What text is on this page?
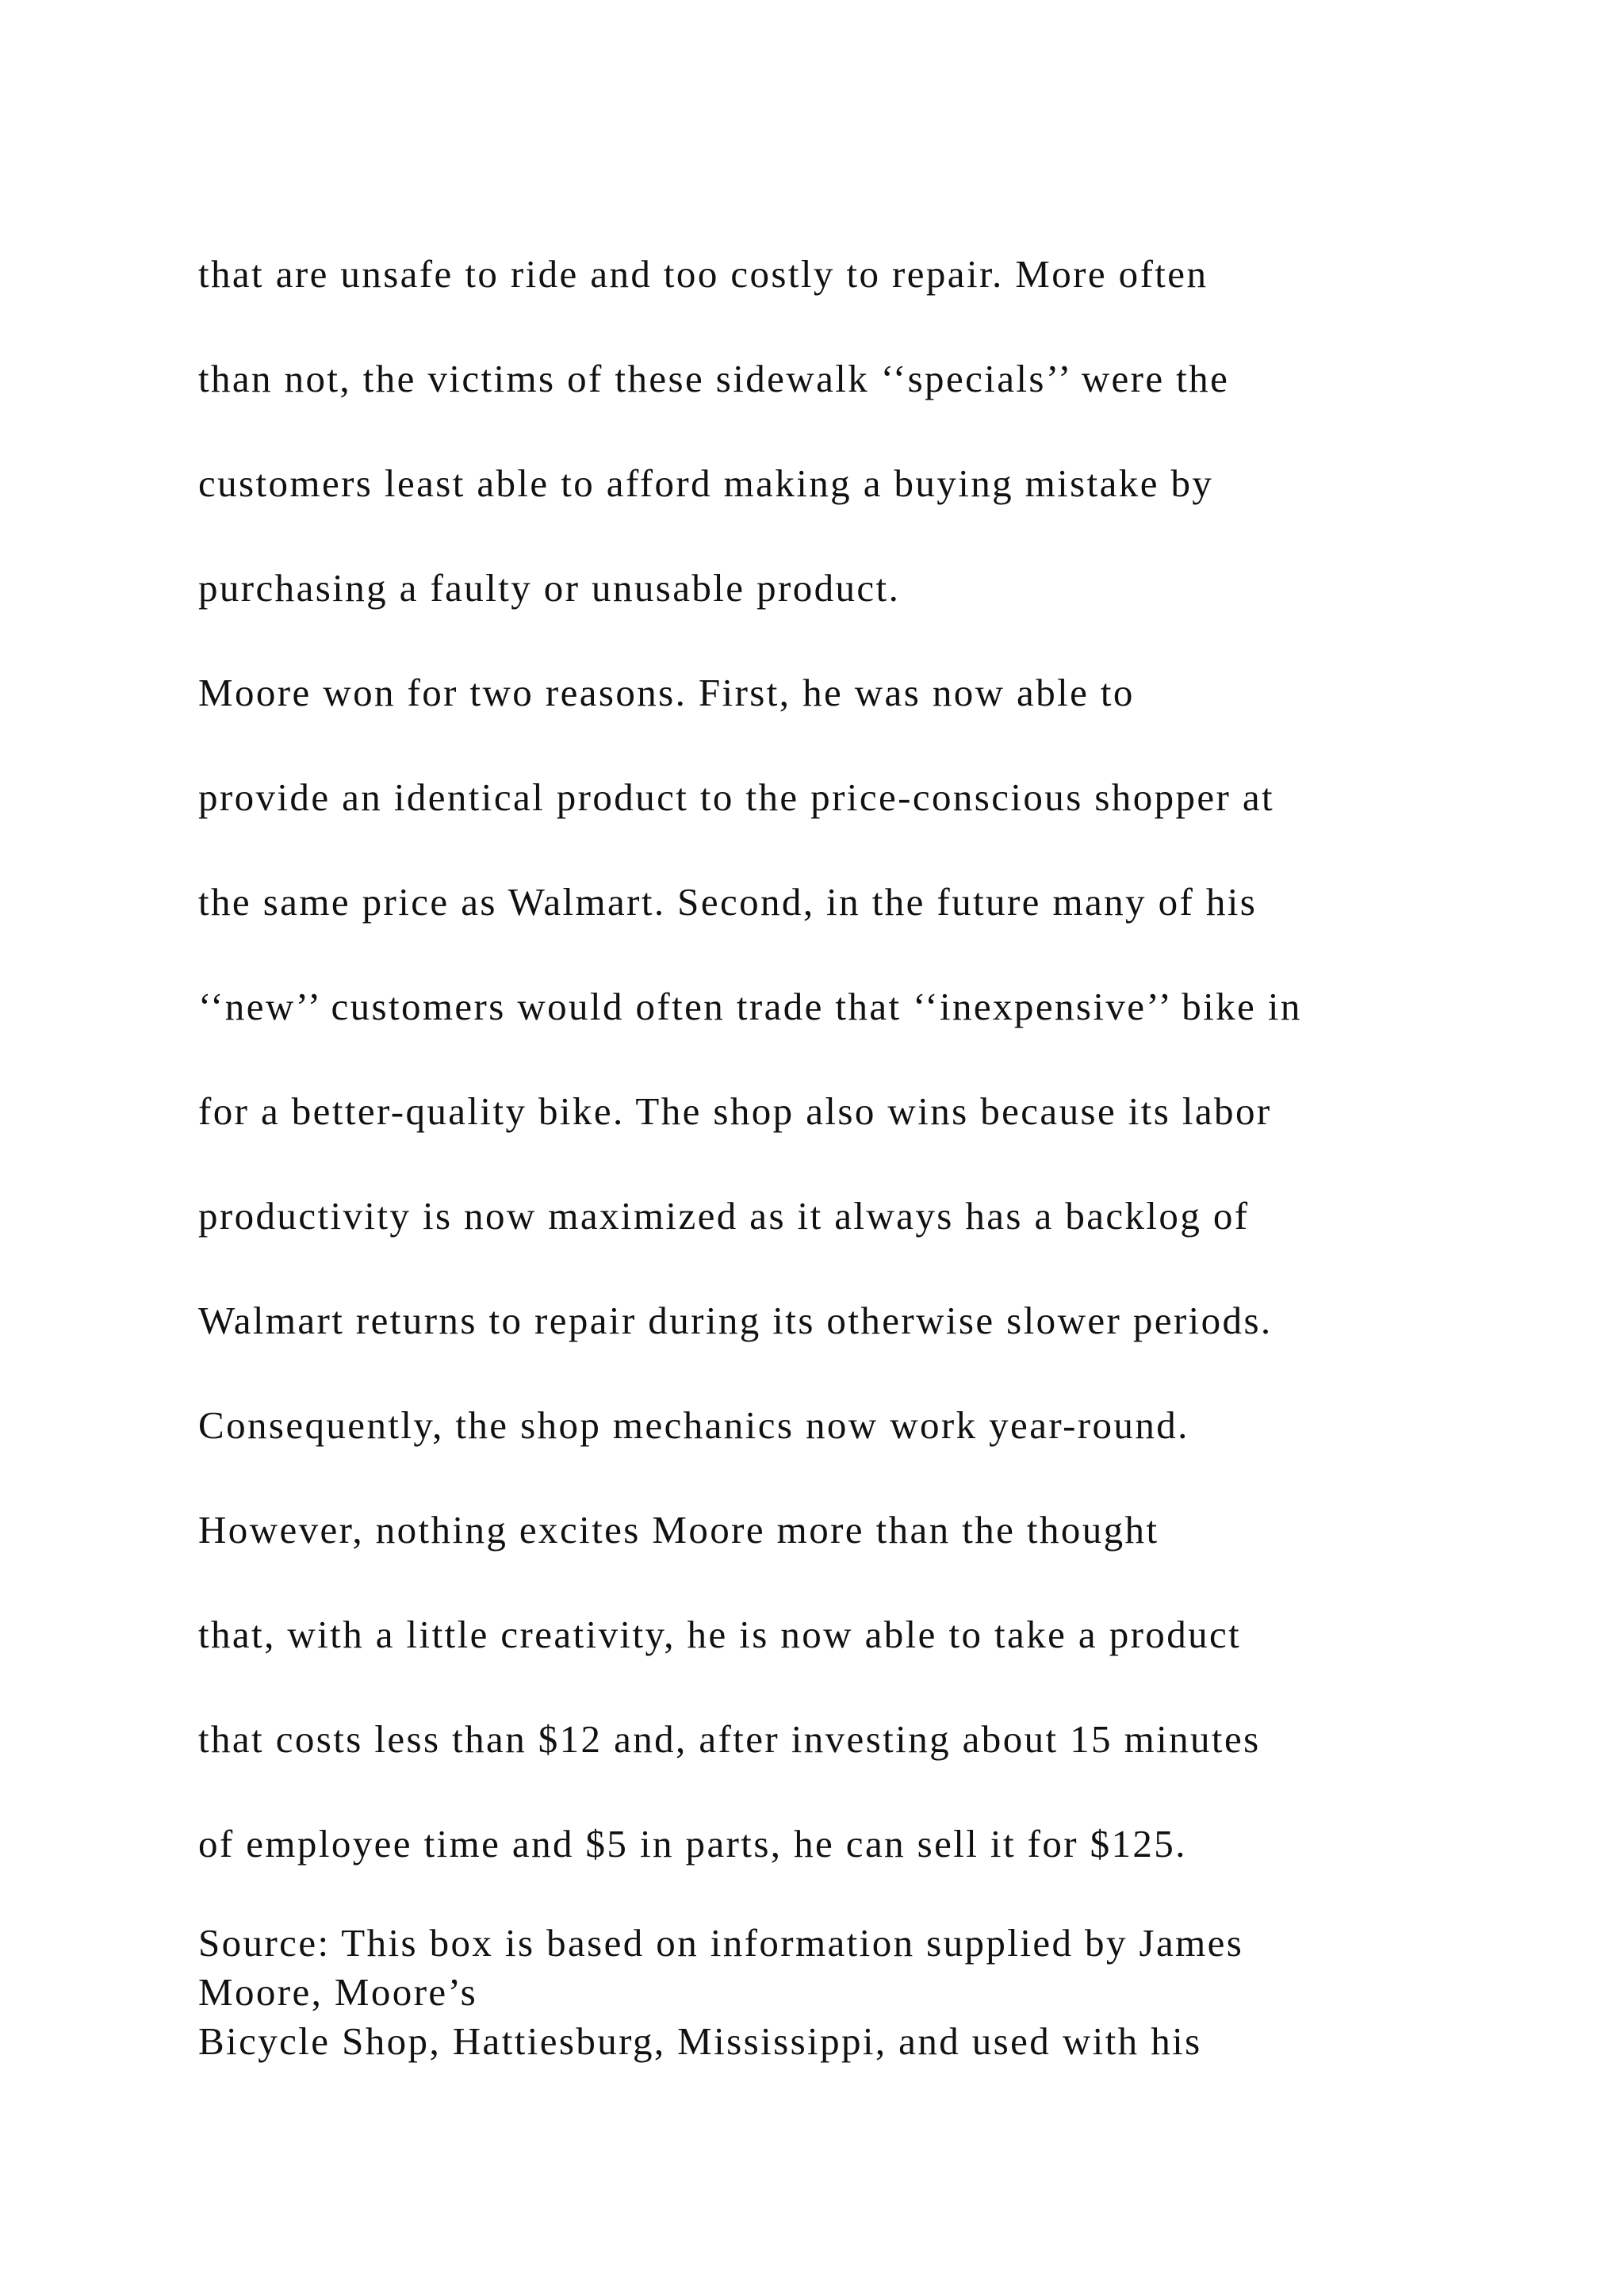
that are unsafe to ride and too costly to repair. More often

than not, the victims of these sidewalk ‘‘specials’’ were the

customers least able to afford making a buying mistake by

purchasing a faulty or unusable product.

Moore won for two reasons. First, he was now able to

provide an identical product to the price-conscious shopper at

the same price as Walmart. Second, in the future many of his

‘‘new’’ customers would often trade that ‘‘inexpensive’’ bike in

for a better-quality bike. The shop also wins because its labor

productivity is now maximized as it always has a backlog of

Walmart returns to repair during its otherwise slower periods.

Consequently, the shop mechanics now work year-round.

However, nothing excites Moore more than the thought

that, with a little creativity, he is now able to take a product

that costs less than $12 and, after investing about 15 minutes

of employee time and $5 in parts, he can sell it for $125.

Source: This box is based on information supplied by James
Moore, Moore’s
Bicycle Shop, Hattiesburg, Mississippi, and used with his
